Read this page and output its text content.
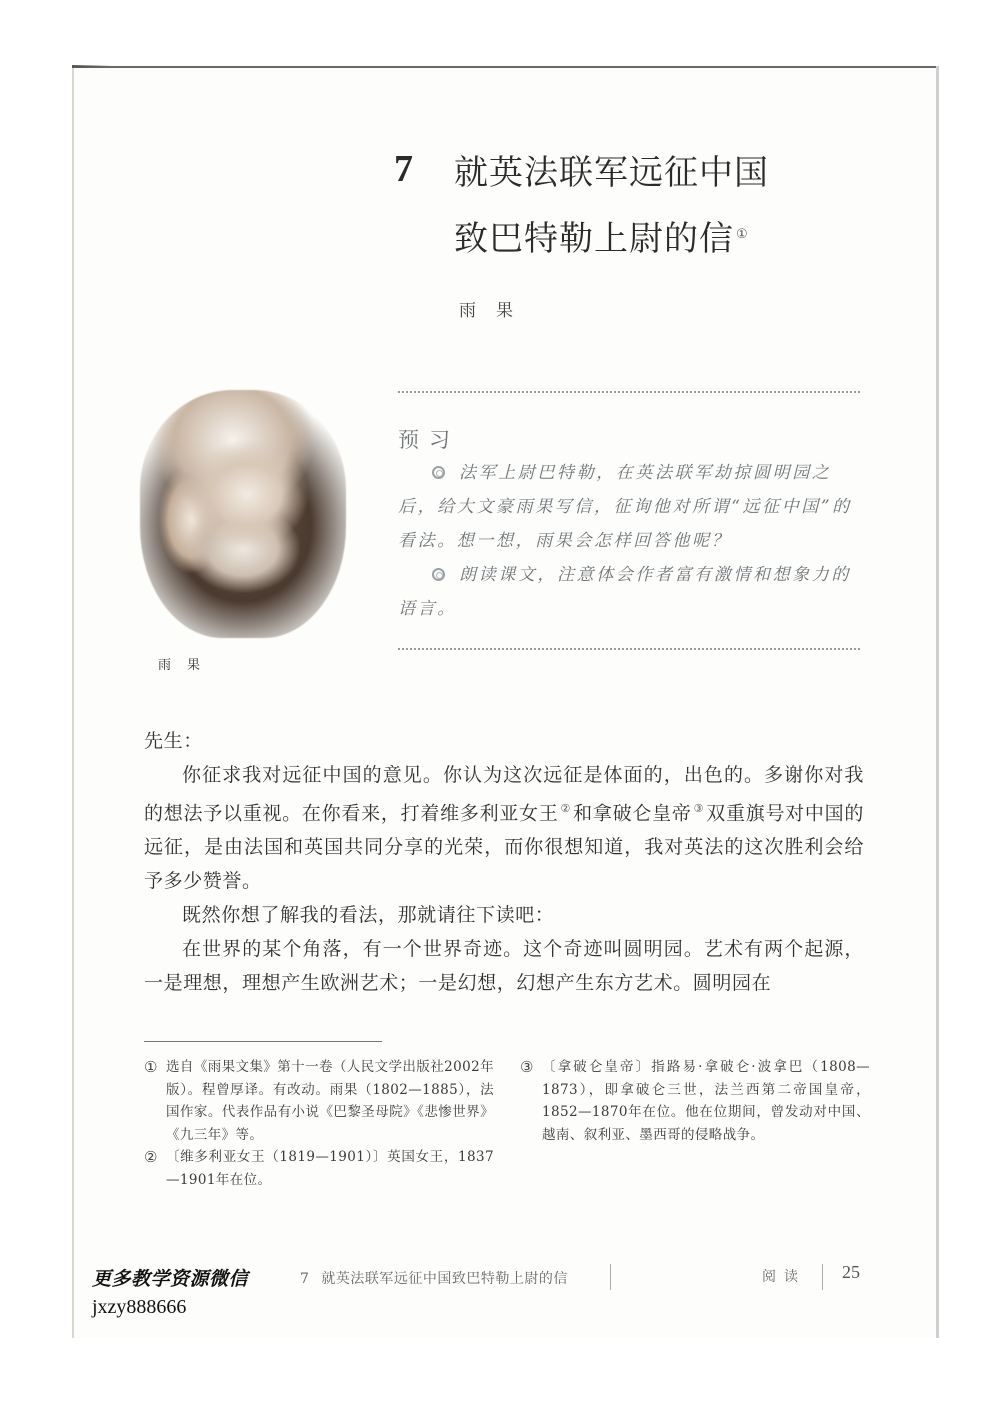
7 就英法联军远征中国
致巴特勒上尉的信 ①
雨果
雨果
预习

法军上尉巴特勒，在英法联军劫掠圆明园之后，给大文豪雨果写信，征询他对所谓“远征中国”的看法。想一想，雨果会怎样回答他呢？

朗读课文，注意体会作者富有激情和想象力的语言。

先生：

你征求我对远征中国的意见。你认为这次远征是体面的，出色的。多谢你对我的想法予以重视。在你看来，打着维多利亚女王 ② 和拿破仑皇帝 ③ 双重旗号对中国的远征，是由法国和英国共同分享的光荣，而你很想知道，我对英法的这次胜利会给予多少赞誉。

既然你想了解我的看法，那就请往下读吧：

在世界的某个角落，有一个世界奇迹。这个奇迹叫圆明园。艺术有两个起源，一是理想，理想产生欧洲艺术；一是幻想，幻想产生东方艺术。圆明园在

① 选自《雨果文集》第十一卷（人民文学出版社2002年版）。程曾厚译。有改动。雨果（1802—1885），法国作家。代表作品有小说《巴黎圣母院》《悲惨世界》《九三年》等。
② 〔维多利亚女王（1819—1901）〕英国女王，1837—1901年在位。
③ 〔拿破仑皇帝〕指路易·拿破仑·波拿巴（1808—1873），即拿破仑三世，法兰西第二帝国皇帝，1852—1870年在位。他在位期间，曾发动对中国、越南、叙利亚、墨西哥的侵略战争。
更多教学资源微信
jxzy888666
7 就英法联军远征中国致巴特勒上尉的信	阅读 25
